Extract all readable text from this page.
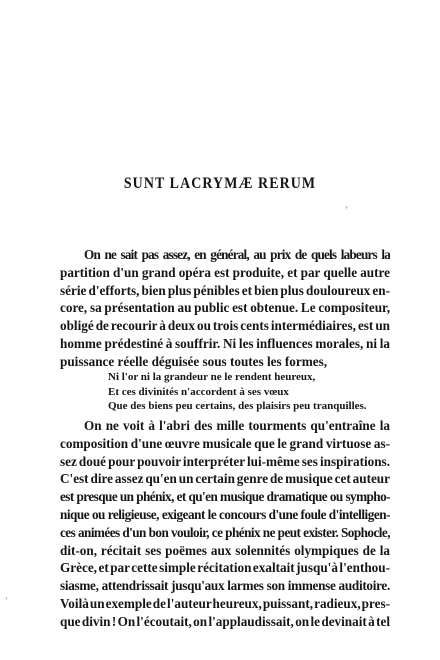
SUNT LACRYMÆ RERUM
'
On ne sait pas assez, en général, au prix de quels labeurs la
partition d'un grand opéra est produite, et par quelle autre
série d'efforts, bien plus pénibles et bien plus douloureux en-
core, sa présentation au public est obtenue. Le compositeur,
obligé de recourir à deux ou trois cents intermédiaires, est un
homme prédestiné à souffrir. Ni les influences morales, ni la
puissance réelle déguisée sous toutes les formes,
Ni l'or ni la grandeur ne le rendent heureux,
Et ces divinités n'accordent à ses vœux
Que des biens peu certains, des plaisirs peu tranquilles.
On ne voit à l'abri des mille tourments qu'entraîne la
composition d'une œuvre musicale que le grand virtuose as-
sez doué pour pouvoir interpréter lui-même ses inspirations.
C'est dire assez qu'en un certain genre de musique cet auteur
est presque un phénix, et qu'en musique dramatique ou sympho-
nique ou religieuse, exigeant le concours d'une foule d'intelligen-
ces animées d'un bon vouloir, ce phénix ne peut exister. Sophocle,
dit-on, récitait ses poëmes aux solennités olympiques de la
Grèce, et par cette simple récitation exaltait jusqu'à l'enthou-
siasme, attendrissait jusqu'aux larmes son immense auditoire.
Voilà un exemple de l'auteur heureux, puissant, radieux, pres-
que divin ! On l'écoutait, on l'applaudissait, on le devinait à tel
'
